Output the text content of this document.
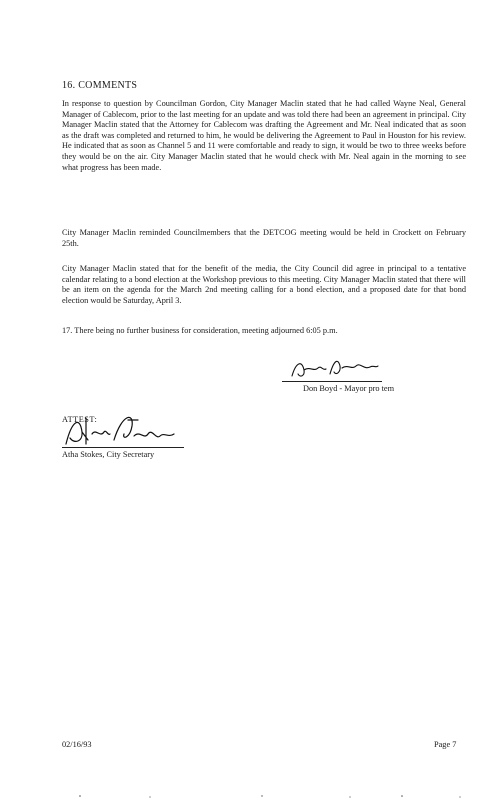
16. COMMENTS

In response to question by Councilman Gordon, City Manager Maclin stated that he had called Wayne Neal, General Manager of Cablecom, prior to the last meeting for an update and was told there had been an agreement in principal. City Manager Maclin stated that the Attorney for Cablecom was drafting the Agreement and Mr. Neal indicated that as soon as the draft was completed and returned to him, he would be delivering the Agreement to Paul in Houston for his review. He indicated that as soon as Channel 5 and 11 were comfortable and ready to sign, it would be two to three weeks before they would be on the air. City Manager Maclin stated that he would check with Mr. Neal again in the morning to see what progress has been made.

City Manager Maclin reminded Councilmembers that the DETCOG meeting would be held in Crockett on February 25th.

City Manager Maclin stated that for the benefit of the media, the City Council did agree in principal to a tentative calendar relating to a bond election at the Workshop previous to this meeting. City Manager Maclin stated that there will be an item on the agenda for the March 2nd meeting calling for a bond election, and a proposed date for that bond election would be Saturday, April 3.

17. There being no further business for consideration, meeting adjourned 6:05 p.m.

Don Boyd - Mayor pro tem
ATTEST:
Atha Stokes, City Secretary
02/16/93	Page 7
